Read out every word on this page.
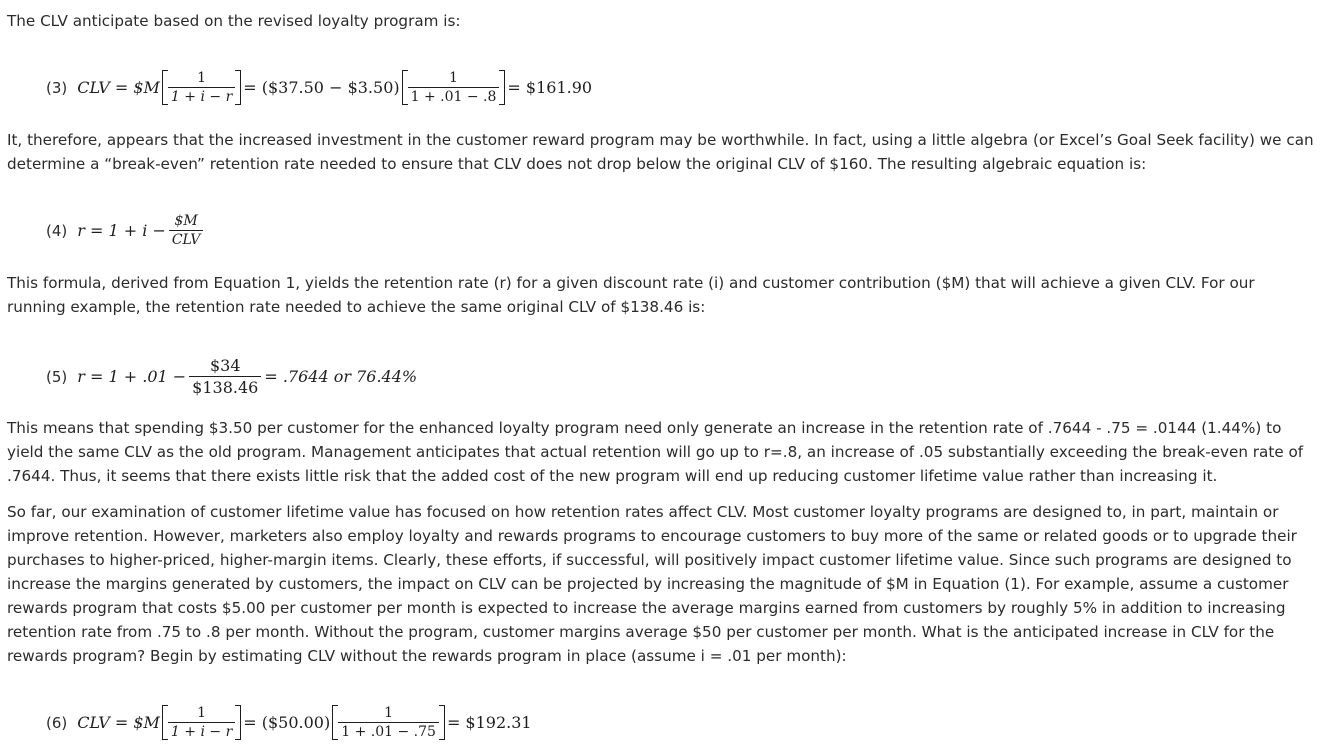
The CLV anticipate based on the revised loyalty program is:
(3) CLV = $M $\frac{1}{1 + i - r}$ = ($37.50 − $3.50) $\frac{1}{1 + .01 - .8}$ = $161.90
It, therefore, appears that the increased investment in the customer reward program may be worthwhile. In fact, using a little algebra (or Excel’s Goal Seek facility) we can determine a “break-even” retention rate needed to ensure that CLV does not drop below the original CLV of $160. The resulting algebraic equation is:
(4) $r = 1 + i - \frac{\$M}{\text{CLV}}$
This formula, derived from Equation 1, yields the retention rate (r) for a given discount rate (i) and customer contribution ($M) that will achieve a given CLV. For our running example, the retention rate needed to achieve the same original CLV of $138.46 is:
(5) $r = 1 + .01 - \frac{\$34}{\$138.46} = .7644$ or 76.44%
This means that spending $3.50 per customer for the enhanced loyalty program need only generate an increase in the retention rate of .7644 - .75 = .0144 (1.44%) to yield the same CLV as the old program. Management anticipates that actual retention will go up to r=.8, an increase of .05 substantially exceeding the break-even rate of .7644. Thus, it seems that there exists little risk that the added cost of the new program will end up reducing customer lifetime value rather than increasing it.
So far, our examination of customer lifetime value has focused on how retention rates affect CLV. Most customer loyalty programs are designed to, in part, maintain or improve retention. However, marketers also employ loyalty and rewards programs to encourage customers to buy more of the same or related goods or to upgrade their purchases to higher-priced, higher-margin items. Clearly, these efforts, if successful, will positively impact customer lifetime value. Since such programs are designed to increase the margins generated by customers, the impact on CLV can be projected by increasing the magnitude of $M in Equation (1). For example, assume a customer rewards program that costs $5.00 per customer per month is expected to increase the average margins earned from customers by roughly 5% in addition to increasing retention rate from .75 to .8 per month. Without the program, customer margins average $50 per customer per month. What is the anticipated increase in CLV for the rewards program? Begin by estimating CLV without the rewards program in place (assume i = .01 per month):
(6) CLV = $M $\frac{1}{1 + i - r}$ = ($50.00) $\frac{1}{1 + .01 - .75}$ = $192.31
